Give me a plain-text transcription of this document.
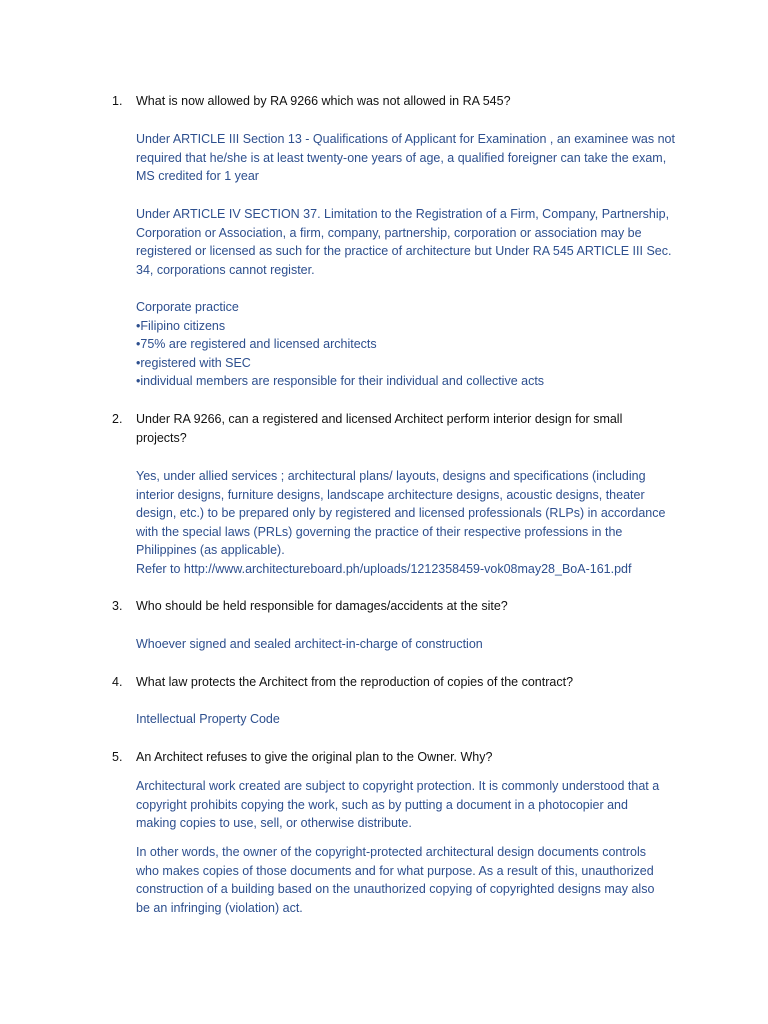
1.	What is now allowed by RA 9266 which was not allowed in RA 545?
Under ARTICLE III Section 13 - Qualifications of Applicant for Examination , an examinee was not
required that he/she is at least twenty-one years of age, a qualified foreigner can take the exam,
MS credited for 1 year
Under ARTICLE IV SECTION 37. Limitation to the Registration of a Firm, Company, Partnership,
Corporation or Association, a firm, company, partnership, corporation or association may be
registered or licensed as such for the practice of architecture but Under RA 545 ARTICLE III Sec.
34, corporations cannot register.
Corporate practice
•Filipino citizens
•75% are registered and licensed architects
•registered with SEC
•individual members are responsible for their individual and collective acts
2.	Under RA 9266, can a registered and licensed Architect perform interior design for small
projects?
Yes, under allied services ; architectural plans/ layouts, designs and specifications (including
interior designs, furniture designs, landscape architecture designs, acoustic designs, theater
design, etc.) to be prepared only by registered and licensed professionals (RLPs) in accordance
with the special laws (PRLs) governing the practice of their respective professions in the
Philippines (as applicable).
Refer to http://www.architectureboard.ph/uploads/1212358459-vok08may28_BoA-161.pdf
3.	Who should be held responsible for damages/accidents at the site?
Whoever signed and sealed architect-in-charge of construction
4.	What law protects the Architect from the reproduction of copies of the contract?
Intellectual Property Code
5.	An Architect refuses to give the original plan to the Owner. Why?
Architectural work created are subject to copyright protection. It is commonly understood that a
copyright prohibits copying the work, such as by putting a document in a photocopier and
making copies to use, sell, or otherwise distribute.
In other words, the owner of the copyright-protected architectural design documents controls
who makes copies of those documents and for what purpose. As a result of this, unauthorized
construction of a building based on the unauthorized copying of copyrighted designs may also
be an infringing (violation) act.
